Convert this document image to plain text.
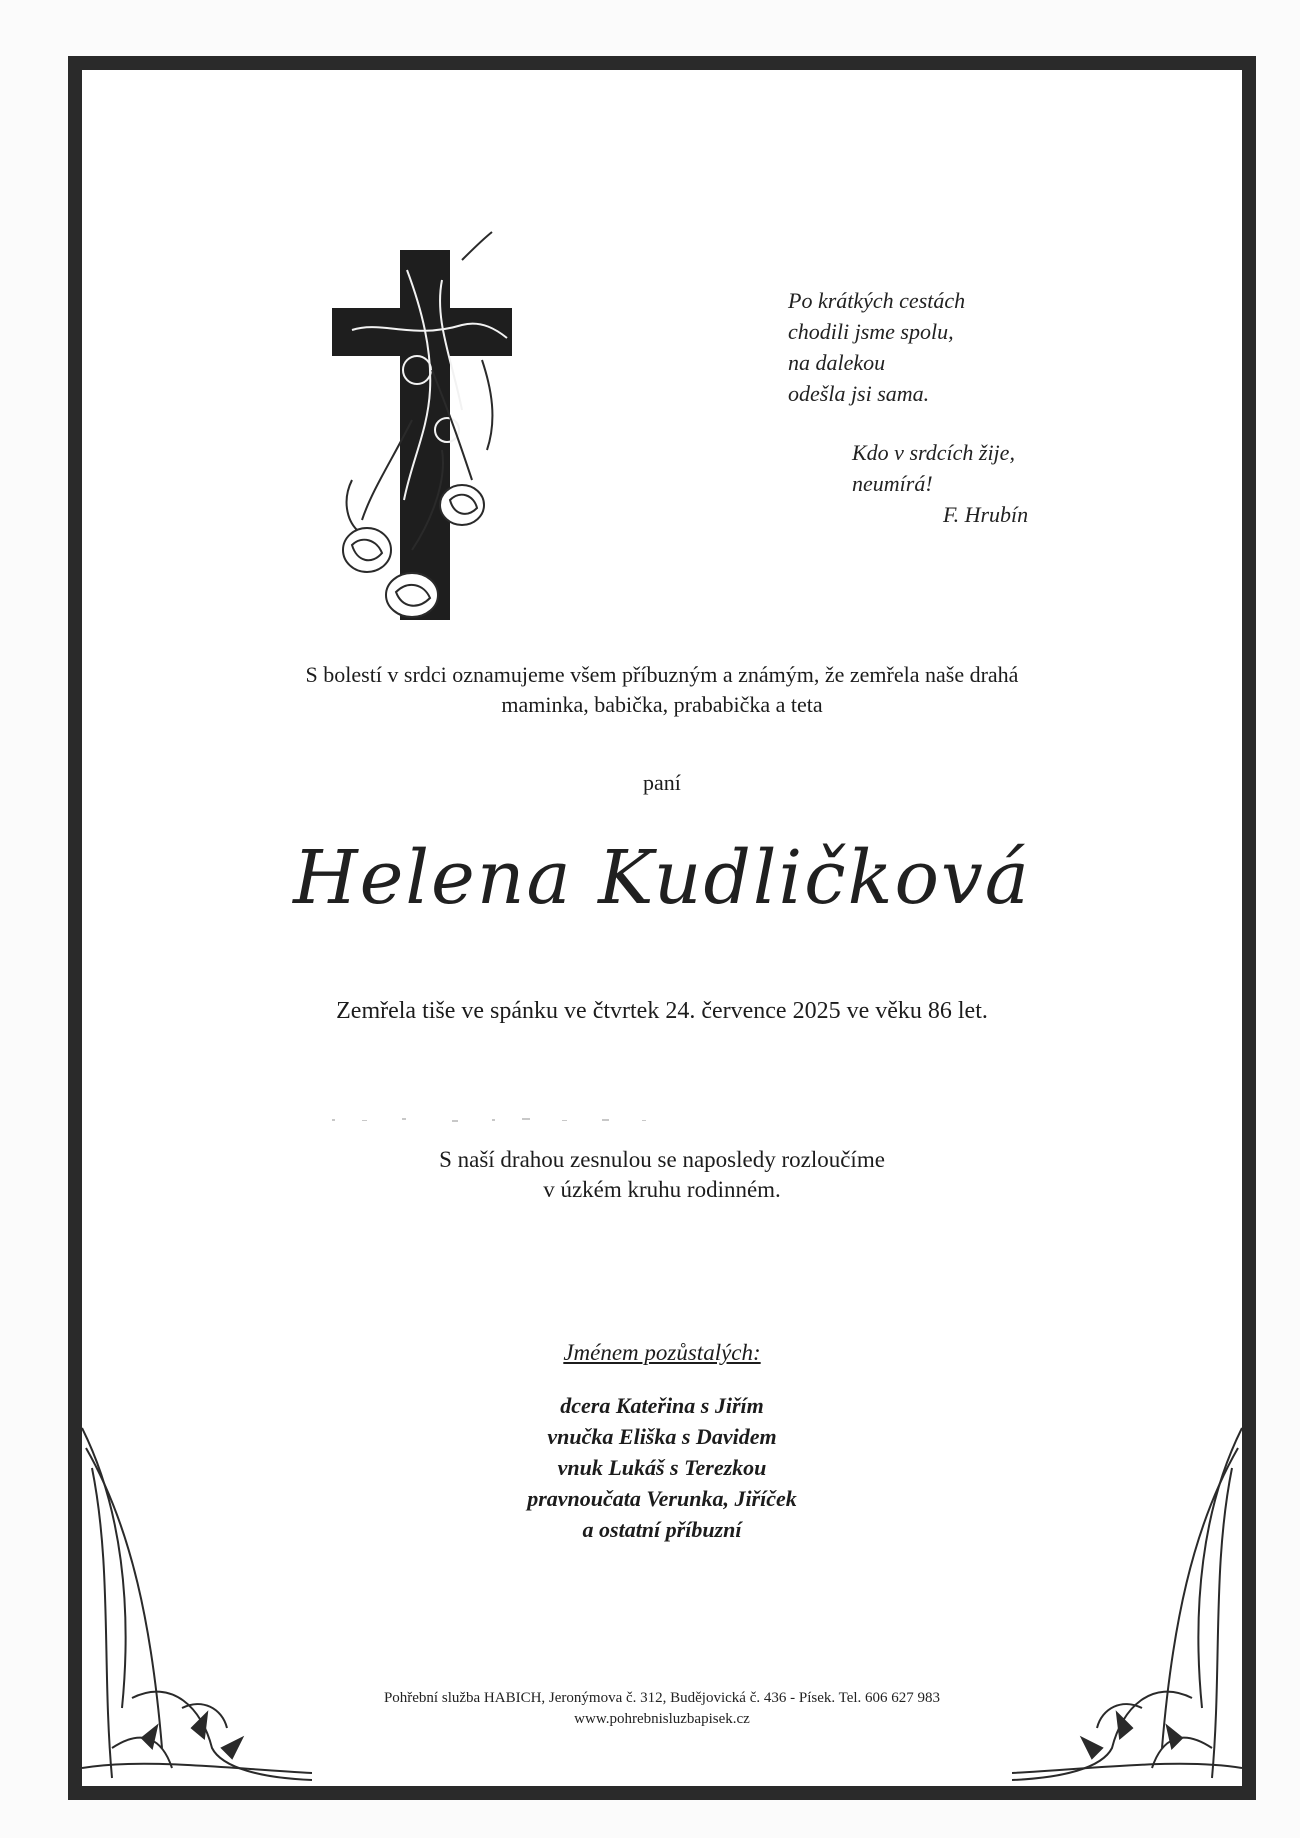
Po krátkých cestách
chodili jsme spolu,
na dalekou
odešla jsi sama.
Kdo v srdcích žije,
neumírá!
F. Hrubín
S bolestí v srdci oznamujeme všem příbuzným a známým, že zemřela naše drahá
maminka, babička, prababička a teta
paní
Helena Kudličková
Zemřela tiše ve spánku ve čtvrtek 24. července 2025 ve věku 86 let.
S naší drahou zesnulou se naposledy rozloučíme
v úzkém kruhu rodinném.
Jménem pozůstalých:
dcera Kateřina s Jiřím
vnučka Eliška s Davidem
vnuk Lukáš s Terezkou
pravnoučata Verunka, Jiříček
a ostatní příbuzní
Pohřební služba HABICH, Jeronýmova č. 312, Budějovická č. 436 - Písek. Tel. 606 627 983
www.pohrebnisluzbapisek.cz
